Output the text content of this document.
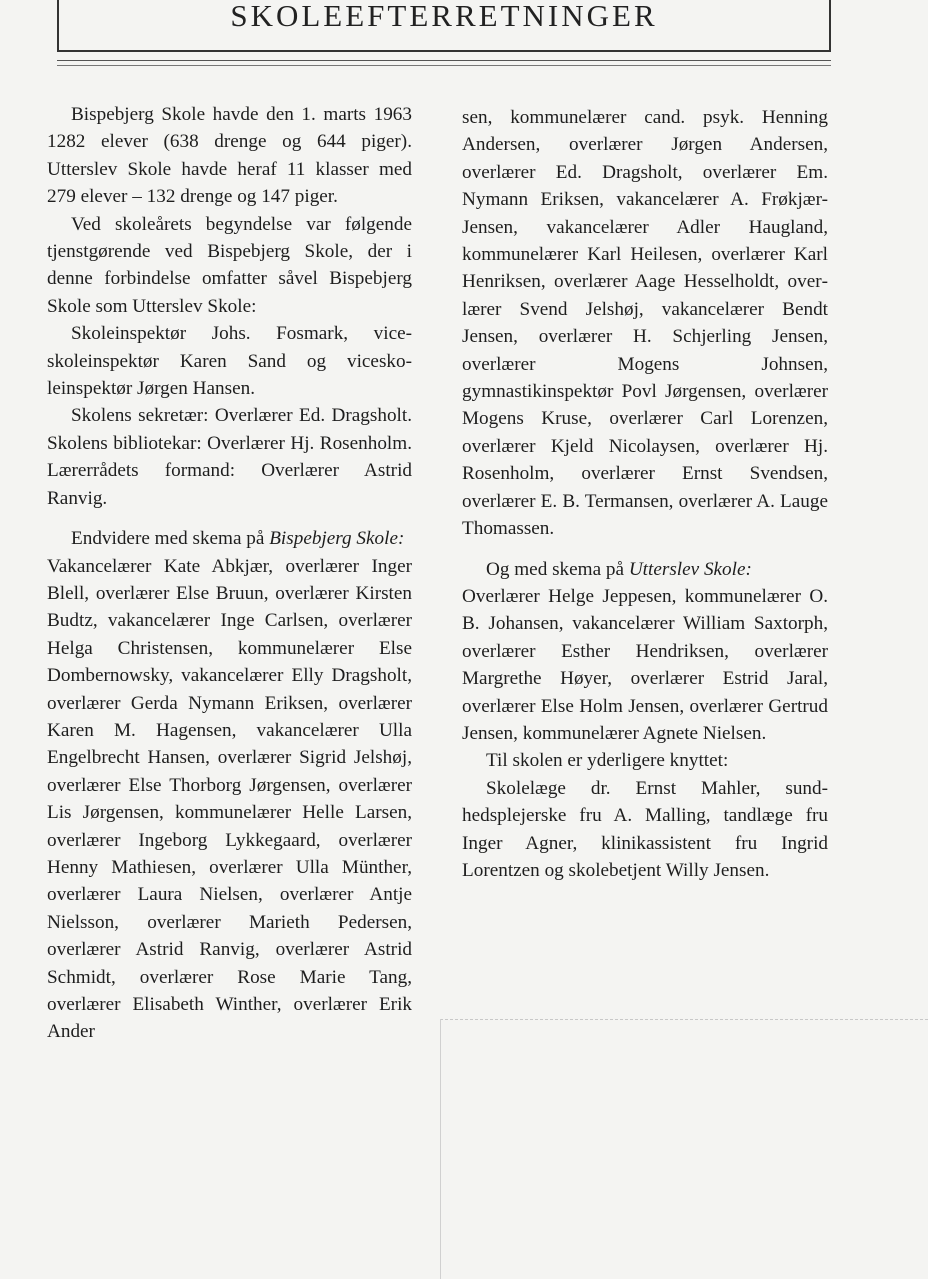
SKOLEEFTERRETNINGER

Bispebjerg Skole havde den 1. marts 1963 1282 elever (638 drenge og 644 piger). Utterslev Skole havde heraf 11 klasser med 279 elever – 132 drenge og 147 piger.

Ved skoleårets begyndelse var følgende tjenstgørende ved Bispebjerg Skole, der i denne forbindelse omfatter såvel Bispebjerg Skole som Utterslev Skole:

Skoleinspektør Johs. Fosmark, viceskoleinspektør Karen Sand og viceskoleinspektør Jørgen Hansen.

Skolens sekretær: Overlærer Ed. Dragsholt. Skolens bibliotekar: Overlærer Hj. Rosenholm. Lærerrådets formand: Overlærer Astrid Ranvig.

Endvidere med skema på Bispebjerg Skole:

Vakancelærer Kate Abkjær, overlærer Inger Blell, overlærer Else Bruun, overlærer Kirsten Budtz, vakancelærer Inge Carlsen, overlærer Helga Christensen, kommunelærer Else Dombernowsky, vakancelærer Elly Dragsholt, overlærer Gerda Nymann Eriksen, overlærer Karen M. Hagensen, vakancelærer Ulla Engelbrecht Hansen, overlærer Sigrid Jelshøj, overlærer Else Thorborg Jørgensen, overlærer Lis Jørgensen, kommunelærer Helle Larsen, overlærer Ingeborg Lykkegaard, overlærer Henny Mathiesen, overlærer Ulla Münther, overlærer Laura Nielsen, overlærer Antje Nielsson, overlærer Marieth Pedersen, overlærer Astrid Ranvig, overlærer Astrid Schmidt, overlærer Rose Marie Tang, overlærer Elisabeth Winther, overlærer Erik Ander

sen, kommunelærer cand. psyk. Henning Andersen, overlærer Jørgen Andersen, overlærer Ed. Dragsholt, overlærer Em. Nymann Eriksen, vakancelærer A. Frøkjær-Jensen, vakancelærer Adler Haugland, kommunelærer Karl Heilesen, overlærer Karl Henriksen, overlærer Aage Hesselholdt, overlærer Svend Jelshøj, vakancelærer Bendt Jensen, overlærer H. Schjerling Jensen, overlærer Mogens Johnsen, gymnastikinspektør Povl Jørgensen, overlærer Mogens Kruse, overlærer Carl Lorenzen, overlærer Kjeld Nicolaysen, overlærer Hj. Rosenholm, overlærer Ernst Svendsen, overlærer E. B. Termansen, overlærer A. Lauge Thomassen.

Og med skema på Utterslev Skole:

Overlærer Helge Jeppesen, kommunelærer O. B. Johansen, vakancelærer William Saxtorph, overlærer Esther Hendriksen, overlærer Margrethe Høyer, overlærer Estrid Jaral, overlærer Else Holm Jensen, overlærer Gertrud Jensen, kommunelærer Agnete Nielsen.

Til skolen er yderligere knyttet:

Skolelæge dr. Ernst Mahler, sundhedsplejerske fru A. Malling, tandlæge fru Inger Agner, klinikassistent fru Ingrid Lorentzen og skolebetjent Willy Jensen.
